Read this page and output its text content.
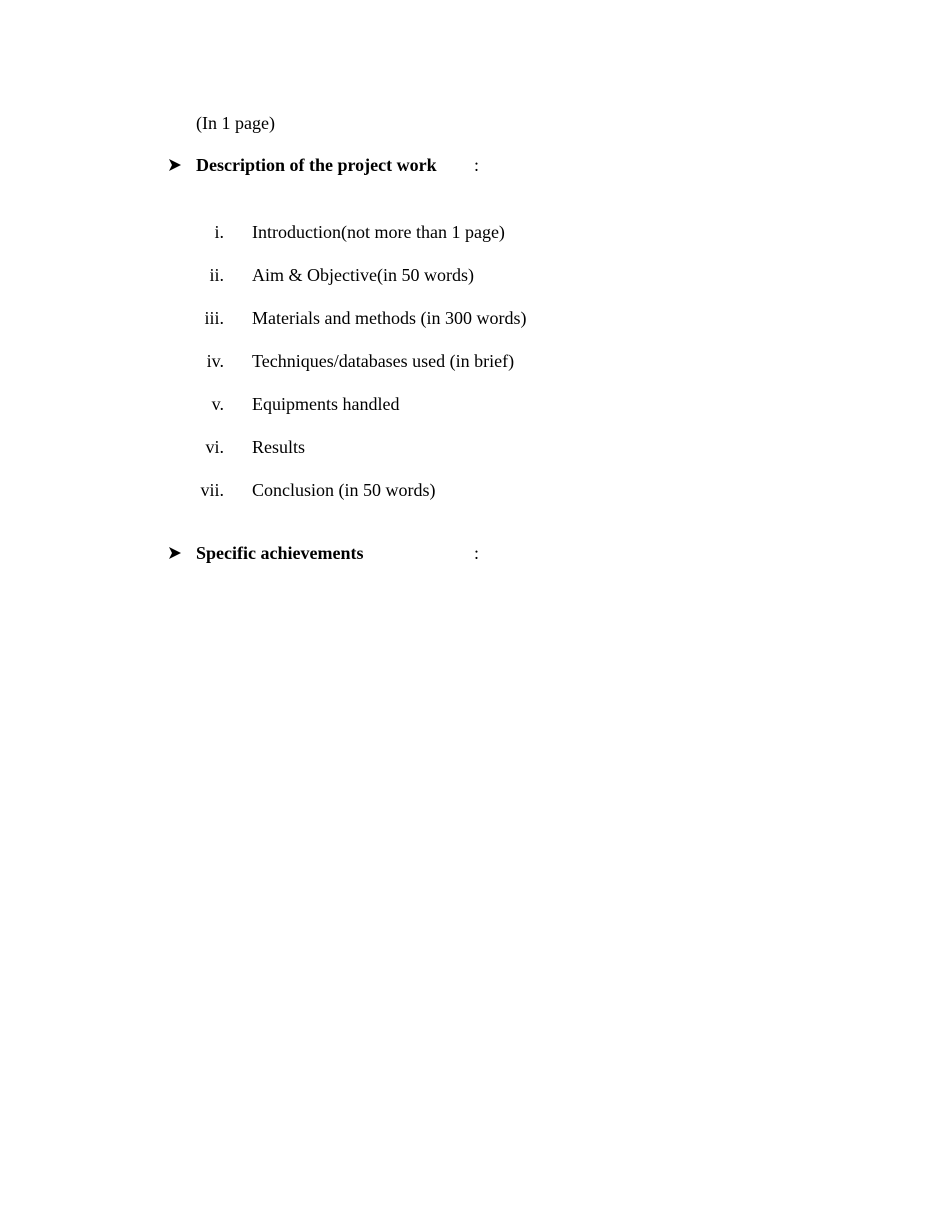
(In 1 page)
Description of the project work :
i. Introduction(not more than 1 page)
ii. Aim & Objective(in 50 words)
iii. Materials and methods (in 300 words)
iv. Techniques/databases used (in brief)
v. Equipments handled
vi. Results
vii. Conclusion (in 50 words)
Specific achievements	:
